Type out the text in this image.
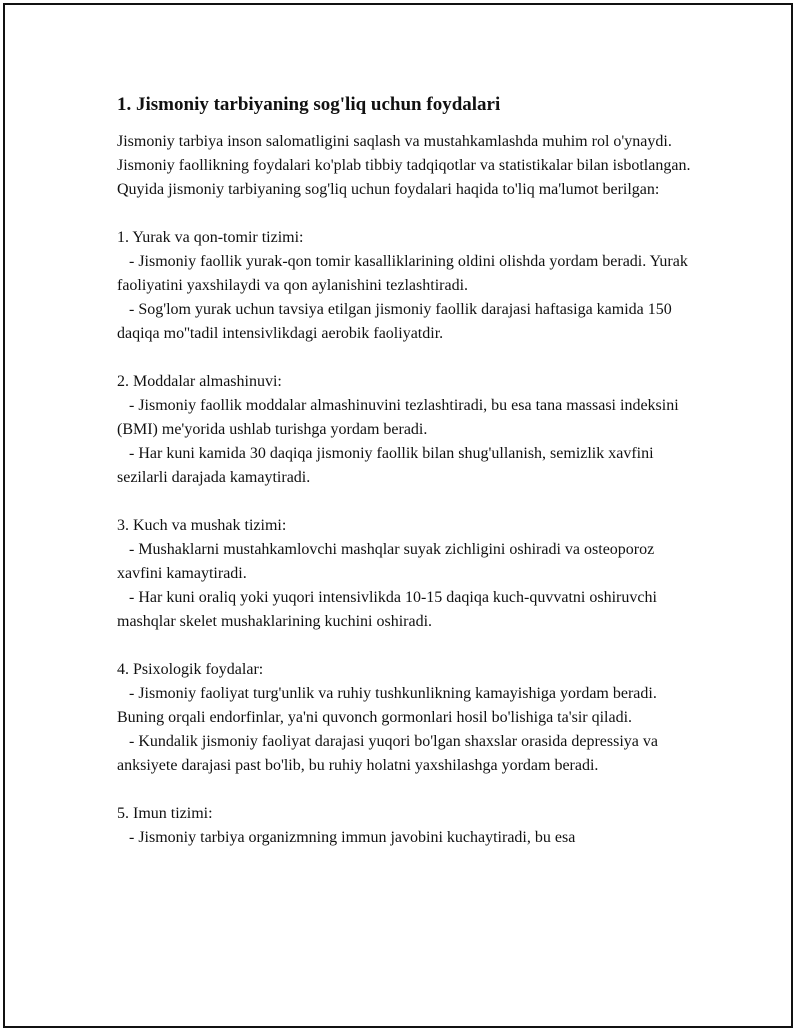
1. Jismoniy tarbiyaning sog'liq uchun foydalari

Jismoniy tarbiya inson salomatligini saqlash va mustahkamlashda muhim rol o'ynaydi. Jismoniy faollikning foydalari ko'plab tibbiy tadqiqotlar va statistikalar bilan isbotlangan. Quyida jismoniy tarbiyaning sog'liq uchun foydalari haqida to'liq ma'lumot berilgan:

1. Yurak va qon-tomir tizimi:

- Jismoniy faollik yurak-qon tomir kasalliklarining oldini olishda yordam beradi. Yurak faoliyatini yaxshilaydi va qon aylanishini tezlashtiradi.

- Sog'lom yurak uchun tavsiya etilgan jismoniy faollik darajasi haftasiga kamida 150 daqiqa mo''tadil intensivlikdagi aerobik faoliyatdir.

2. Moddalar almashinuvi:

- Jismoniy faollik moddalar almashinuvini tezlashtiradi, bu esa tana massasi indeksini (BMI) me'yorida ushlab turishga yordam beradi.

- Har kuni kamida 30 daqiqa jismoniy faollik bilan shug'ullanish, semizlik xavfini sezilarli darajada kamaytiradi.

3. Kuch va mushak tizimi:

- Mushaklarni mustahkamlovchi mashqlar suyak zichligini oshiradi va osteoporoz xavfini kamaytiradi.

- Har kuni oraliq yoki yuqori intensivlikda 10-15 daqiqa kuch-quvvatni oshiruvchi mashqlar skelet mushaklarining kuchini oshiradi.

4. Psixologik foydalar:

- Jismoniy faoliyat turg'unlik va ruhiy tushkunlikning kamayishiga yordam beradi. Buning orqali endorfinlar, ya'ni quvonch gormonlari hosil bo'lishiga ta'sir qiladi.

- Kundalik jismoniy faoliyat darajasi yuqori bo'lgan shaxslar orasida depressiya va anksiyete darajasi past bo'lib, bu ruhiy holatni yaxshilashga yordam beradi.

5. Imun tizimi:

- Jismoniy tarbiya organizmning immun javobini kuchaytiradi, bu esa
